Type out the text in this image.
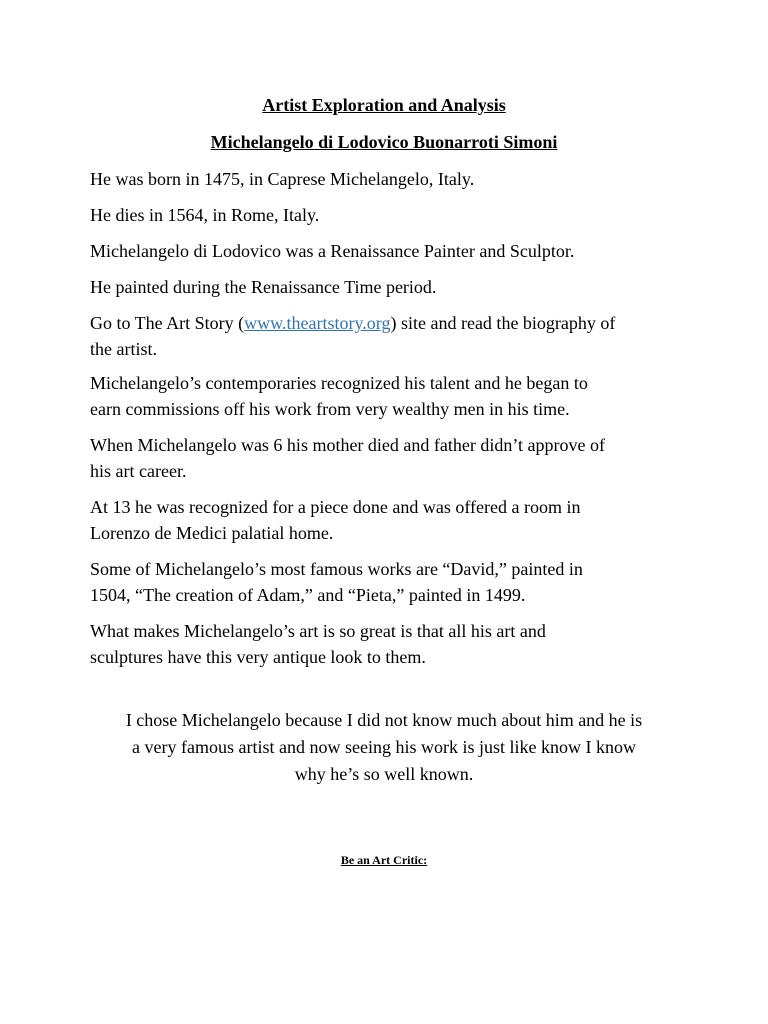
Artist Exploration and Analysis
Michelangelo di Lodovico Buonarroti Simoni
He was born in 1475, in Caprese Michelangelo, Italy.
He dies in 1564, in Rome, Italy.
Michelangelo di Lodovico was a Renaissance Painter and Sculptor.
He painted during the Renaissance Time period.
Go to The Art Story (www.theartstory.org) site and read the biography of
the artist.
Michelangelo’s contemporaries recognized his talent and he began to
earn commissions off his work from very wealthy men in his time.
When Michelangelo was 6 his mother died and father didn’t approve of
his art career.
At 13 he was recognized for a piece done and was offered a room in
Lorenzo de Medici palatial home.
Some of Michelangelo’s most famous works are “David,” painted in
1504, “The creation of Adam,” and “Pieta,” painted in 1499.
What makes Michelangelo’s art is so great is that all his art and
sculptures have this very antique look to them.
I chose Michelangelo because I did not know much about him and he is
a very famous artist and now seeing his work is just like know I know
why he’s so well known.
Be an Art Critic:
